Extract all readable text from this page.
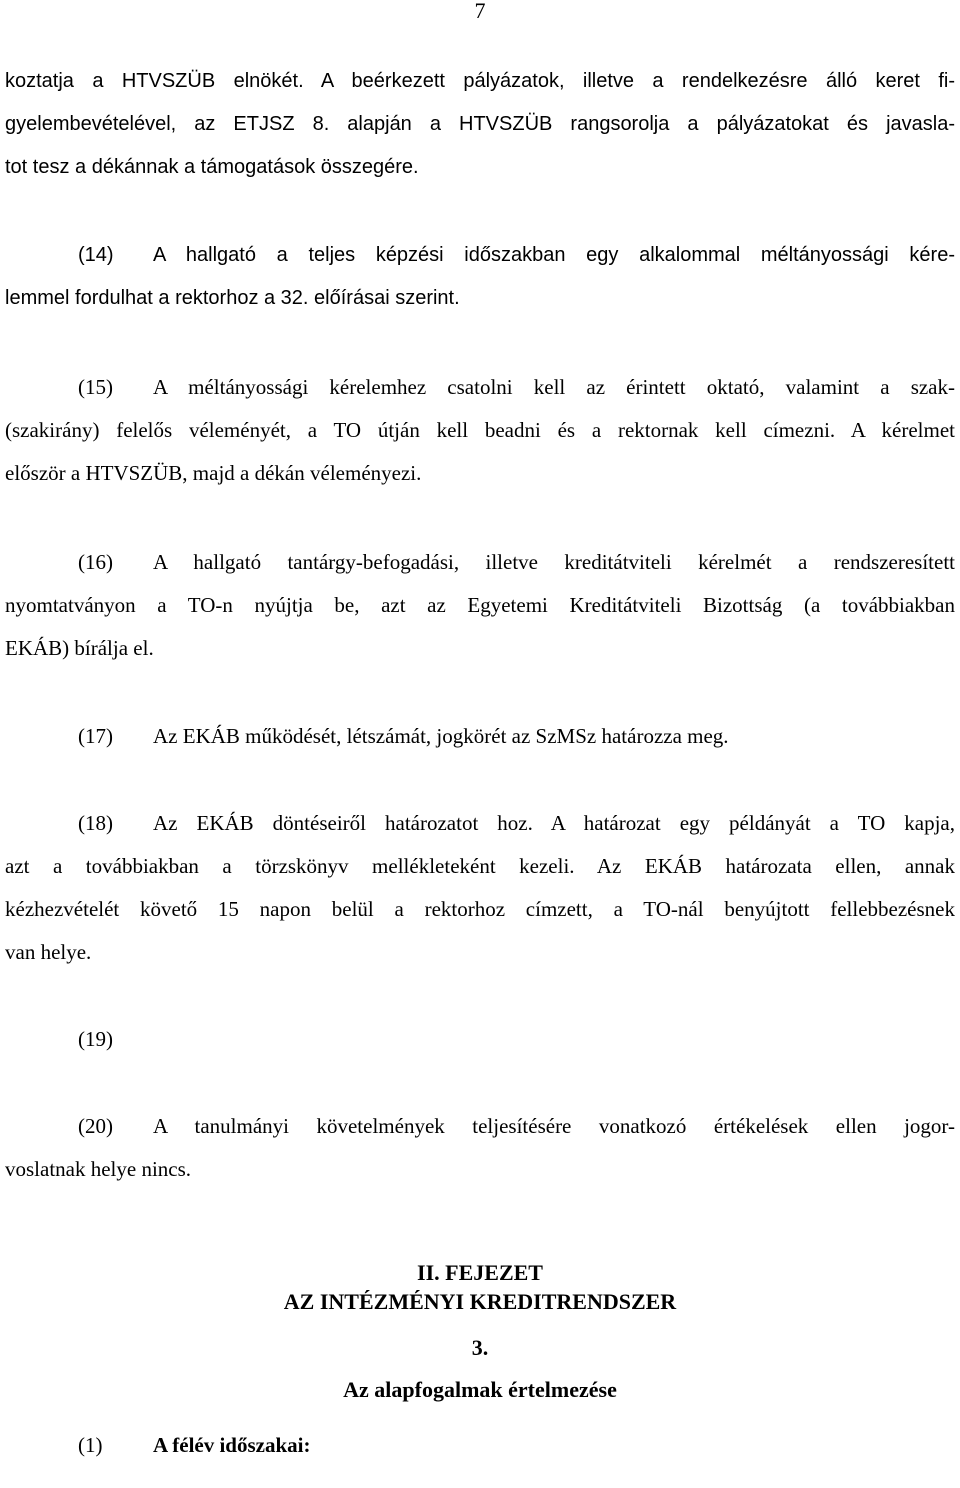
7
koztatja a HTVSZÜB elnökét. A beérkezett pályázatok, illetve a rendelkezésre álló keret fi-
gyelembevételével, az ETJSZ 8. alapján a HTVSZÜB rangsorolja a pályázatokat és javasla-
tot tesz a dékánnak a támogatások összegére.
(14) A hallgató a teljes képzési időszakban egy alkalommal méltányossági kére-
lemmel fordulhat a rektorhoz a 32. előírásai szerint.
(15) A méltányossági kérelemhez csatolni kell az érintett oktató, valamint a szak-
(szakirány) felelős véleményét, a TO útján kell beadni és a rektornak kell címezni. A kérelmet
először a HTVSZÜB, majd a dékán véleményezi.
(16) A hallgató tantárgy-befogadási, illetve kreditátviteli kérelmét a rendszeresített
nyomtatványon a TO-n nyújtja be, azt az Egyetemi Kreditátviteli Bizottság (a továbbiakban
EKÁB) bírálja el.
(17) Az EKÁB működését, létszámát, jogkörét az SzMSz határozza meg.
(18) Az EKÁB döntéseiről határozatot hoz. A határozat egy példányát a TO kapja,
azt a továbbiakban a törzskönyv mellékleteként kezeli. Az EKÁB határozata ellen, annak
kézhezvételét követő 15 napon belül a rektorhoz címzett, a TO-nál benyújtott fellebbezésnek
van helye.
(19)
(20) A tanulmányi követelmények teljesítésére vonatkozó értékelések ellen jogor-
voslatnak helye nincs.
II. FEJEZET
AZ INTÉZMÉNYI KREDITRENDSZER
3.
Az alapfogalmak értelmezése
(1) A félév időszakai:
